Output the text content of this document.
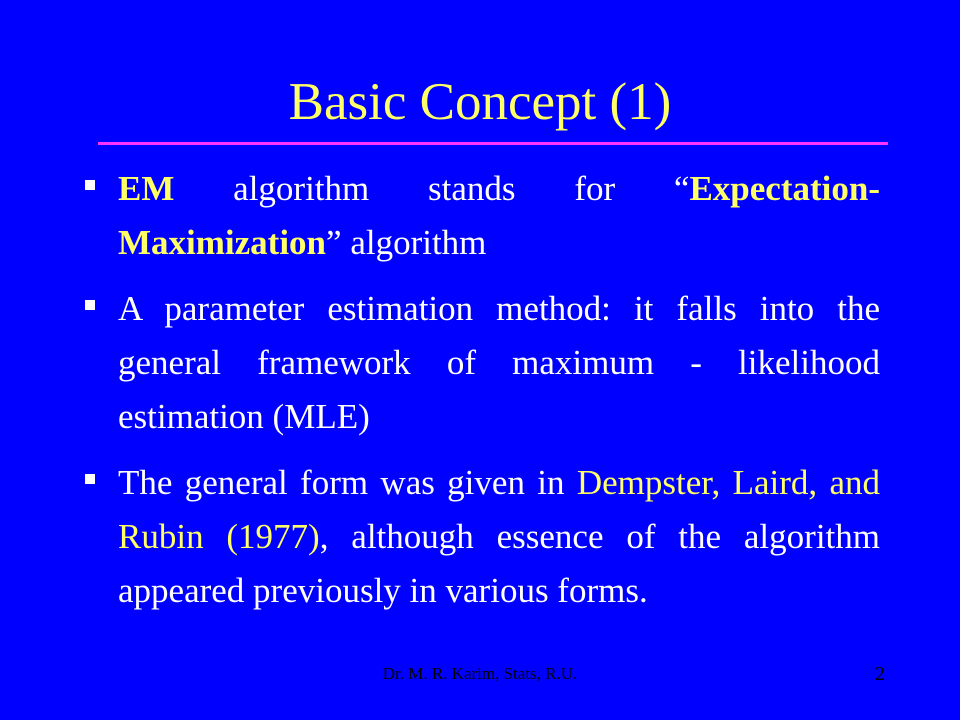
Basic Concept (1)
EM algorithm stands for “Expectation-Maximization” algorithm
A parameter estimation method: it falls into the general framework of maximum - likelihood estimation (MLE)
The general form was given in Dempster, Laird, and Rubin (1977), although essence of the algorithm appeared previously in various forms.
Dr. M. R. Karim, Stats, R.U.	2
